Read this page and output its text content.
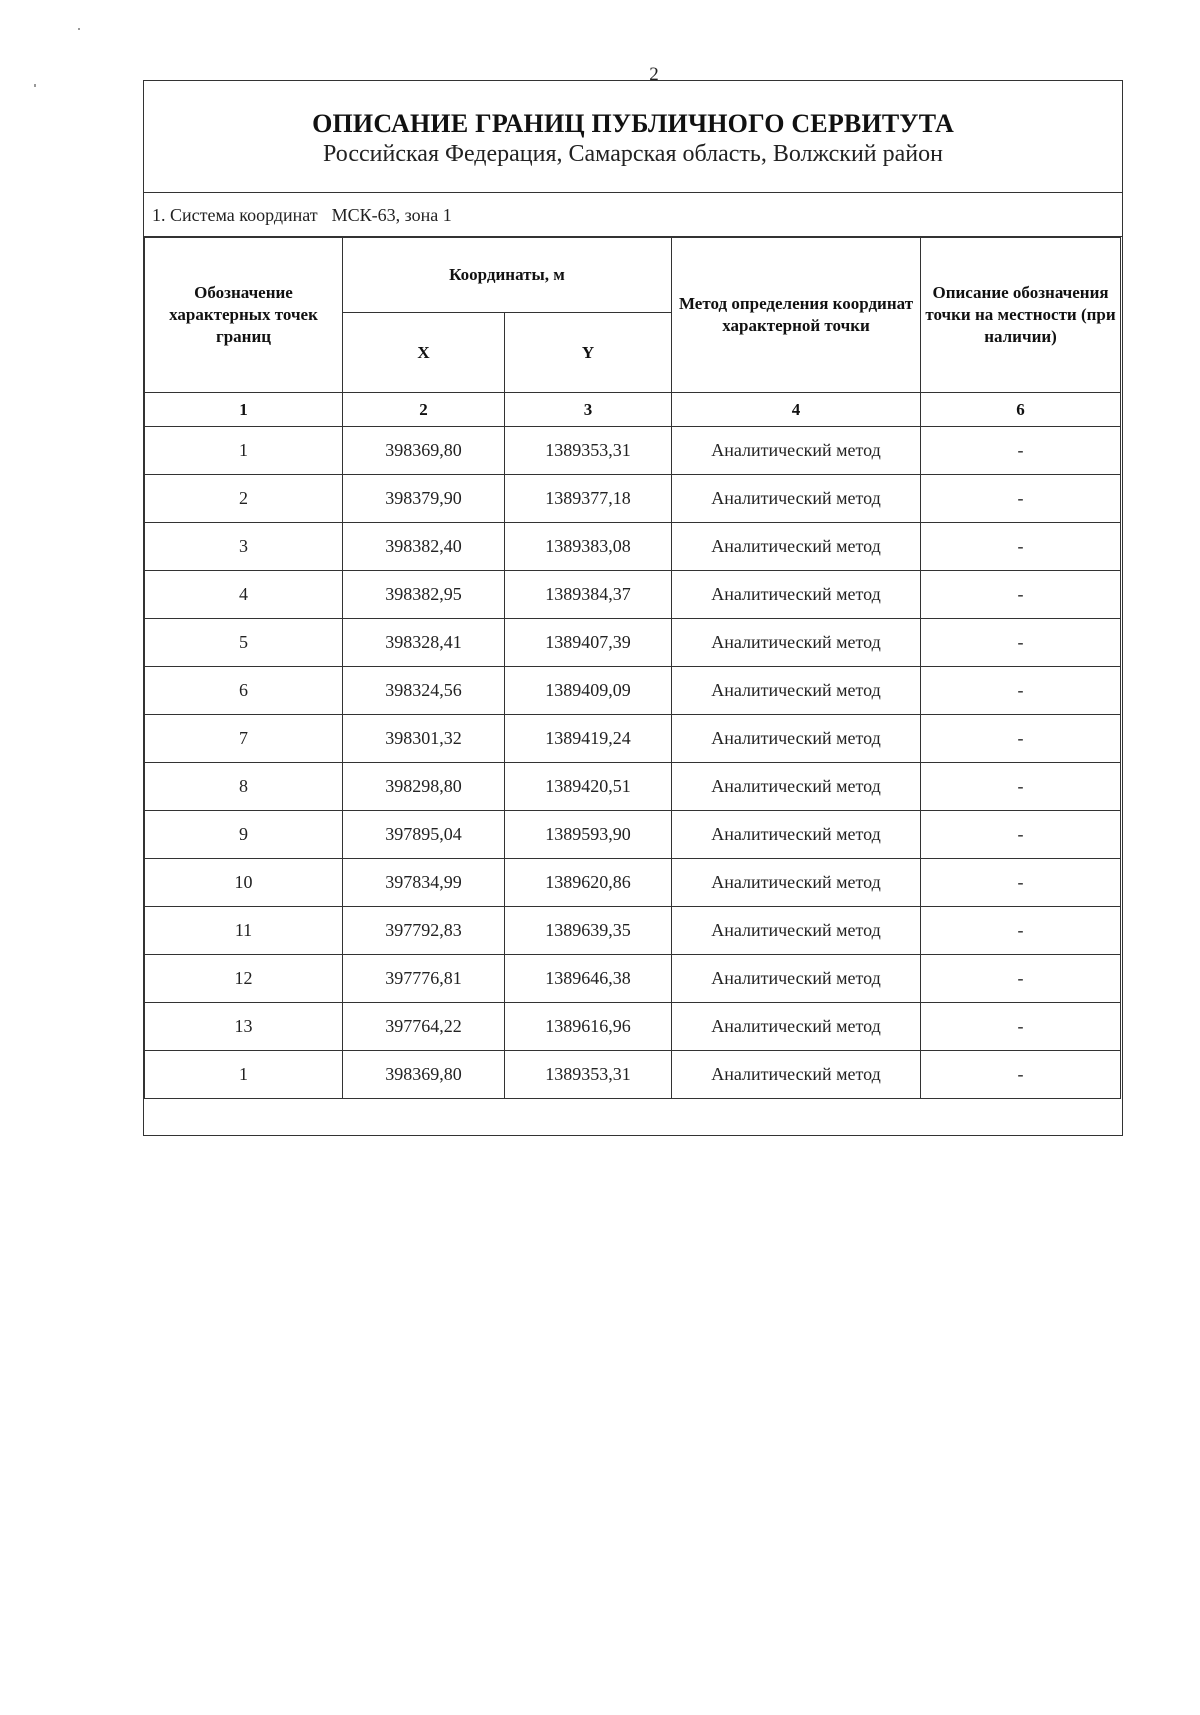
2
ОПИСАНИЕ ГРАНИЦ ПУБЛИЧНОГО СЕРВИТУТА
Российская Федерация, Самарская область, Волжский район
1. Система координат МСК-63, зона 1
Обозначение характерных точек границ	Координаты, м		Метод определения координат характерной точки	Описание обозначения точки на местности (при наличии)
	X	Y		
1	2	3	4	6
1	398369,80	1389353,31	Аналитический метод	-
2	398379,90	1389377,18	Аналитический метод	-
3	398382,40	1389383,08	Аналитический метод	-
4	398382,95	1389384,37	Аналитический метод	-
5	398328,41	1389407,39	Аналитический метод	-
6	398324,56	1389409,09	Аналитический метод	-
7	398301,32	1389419,24	Аналитический метод	-
8	398298,80	1389420,51	Аналитический метод	-
9	397895,04	1389593,90	Аналитический метод	-
10	397834,99	1389620,86	Аналитический метод	-
11	397792,83	1389639,35	Аналитический метод	-
12	397776,81	1389646,38	Аналитический метод	-
13	397764,22	1389616,96	Аналитический метод	-
1	398369,80	1389353,31	Аналитический метод	-
